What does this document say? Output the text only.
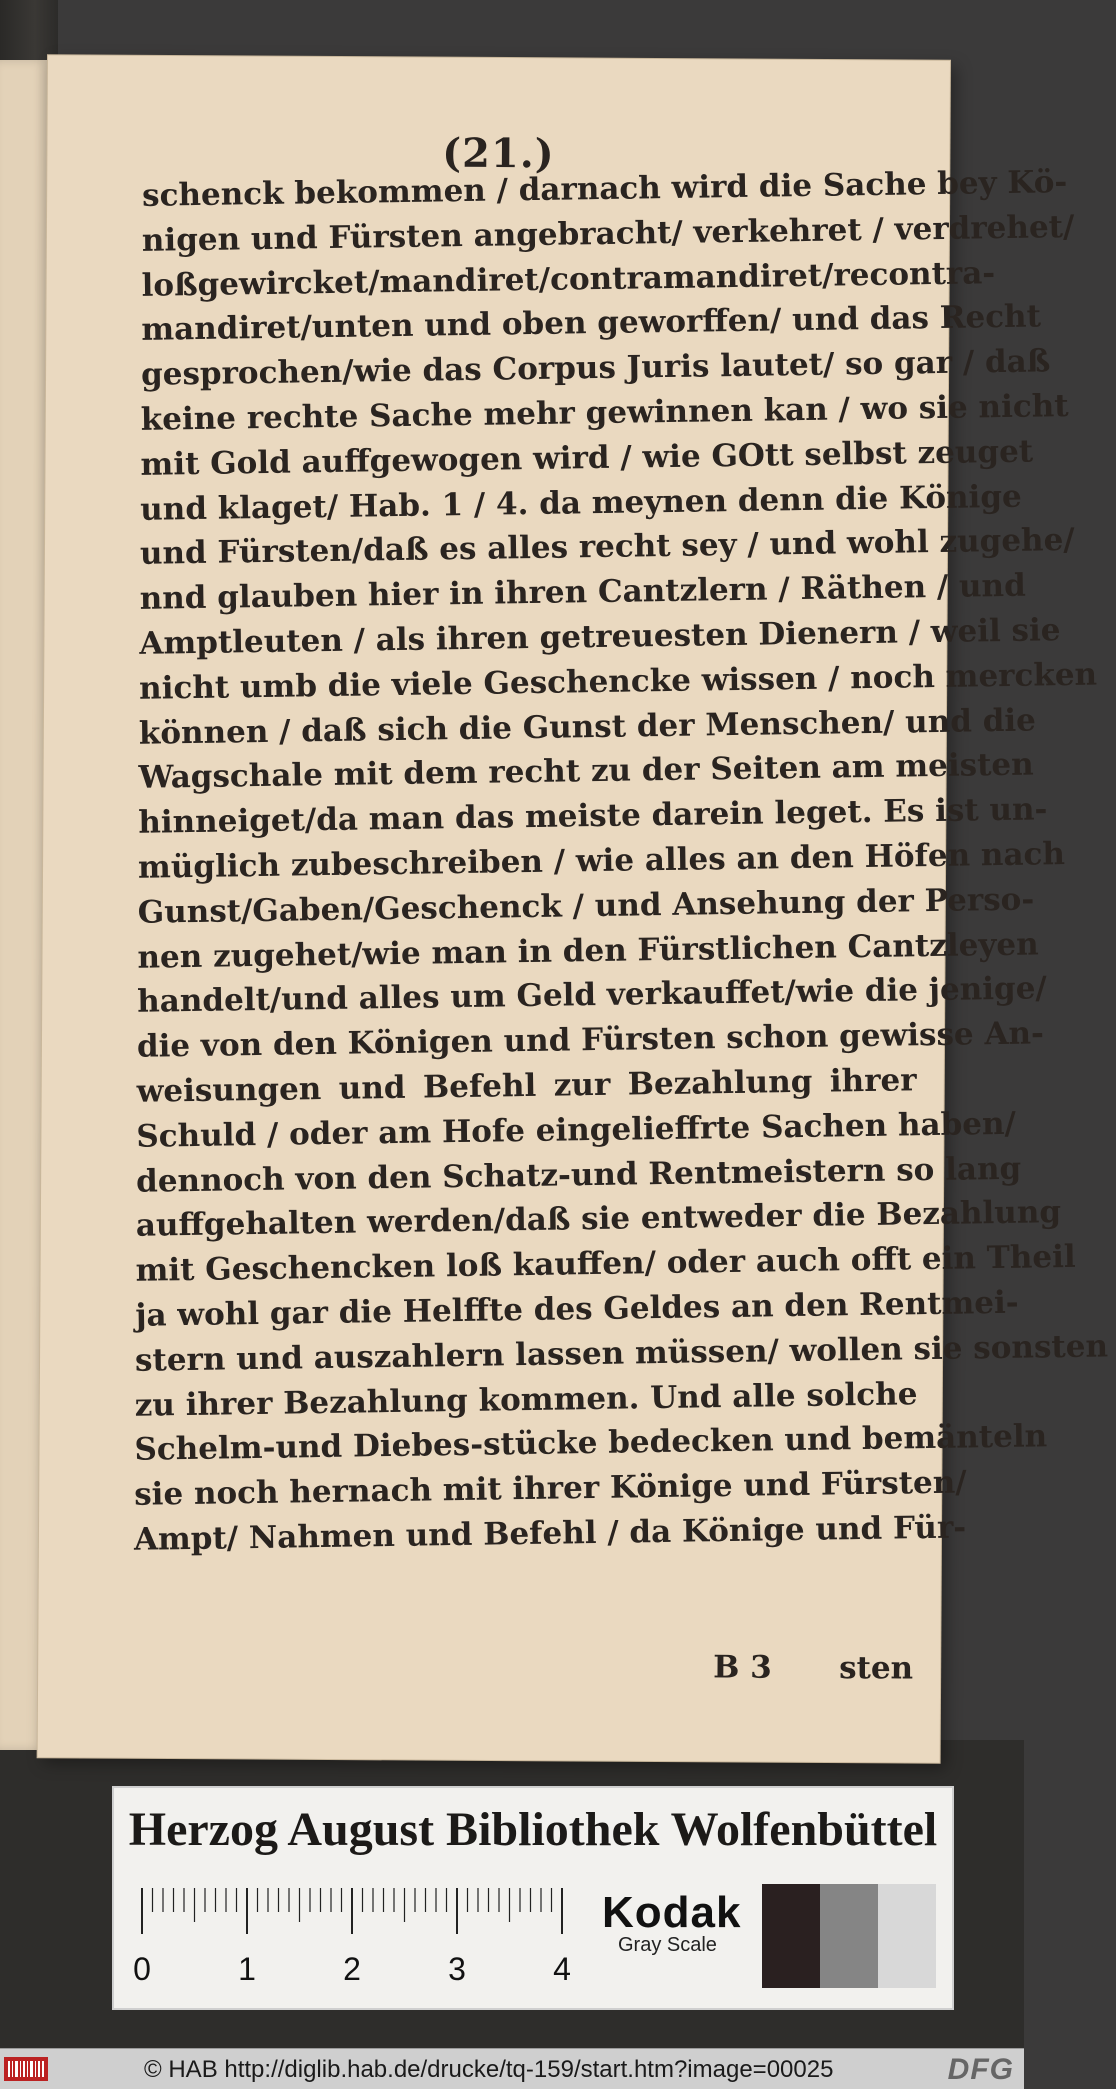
(21.)
schenck bekommen / darnach wird die Sache bey Kö-
nigen und Fürsten angebracht/ verkehret / verdrehet/
loßgewircket/mandiret/contramandiret/recontra-
mandiret/unten und oben geworffen/ und das Recht
gesprochen/wie das Corpus Juris lautet/ so gar / daß
keine rechte Sache mehr gewinnen kan / wo sie nicht
mit Gold auffgewogen wird / wie GOtt selbst zeuget
und klaget/ Hab. 1 / 4. da meynen denn die Könige
und Fürsten/daß es alles recht sey / und wohl zugehe/
nnd glauben hier in ihren Cantzlern / Räthen / und
Amptleuten / als ihren getreuesten Dienern / weil sie
nicht umb die viele Geschencke wissen / noch mercken
können / daß sich die Gunst der Menschen/ und die
Wagschale mit dem recht zu der Seiten am meisten
hinneiget/da man das meiste darein leget. Es ist un-
müglich zubeschreiben / wie alles an den Höfen nach
Gunst/Gaben/Geschenck / und Ansehung der Perso-
nen zugehet/wie man in den Fürstlichen Cantzleyen
handelt/und alles um Geld verkauffet/wie die jenige/
die von den Königen und Fürsten schon gewisse An-
weisungen und Befehl zur Bezahlung ihrer
Schuld / oder am Hofe eingelieffrte Sachen haben/
dennoch von den Schatz-und Rentmeistern so lang
auffgehalten werden/daß sie entweder die Bezahlung
mit Geschencken loß kauffen/ oder auch offt ein Theil
ja wohl gar die Helffte des Geldes an den Rentmei-
stern und auszahlern lassen müssen/ wollen sie sonsten
zu ihrer Bezahlung kommen. Und alle solche
Schelm-und Diebes-stücke bedecken und bemänteln
sie noch hernach mit ihrer Könige und Fürsten/
Ampt/ Nahmen und Befehl / da Könige und Für-
B 3 sten
Herzog August Bibliothek Wolfenbüttel
0	1	2	3	4
Kodak
Gray Scale
© HAB http://diglib.hab.de/drucke/tq-159/start.htm?image=00025	DFG
